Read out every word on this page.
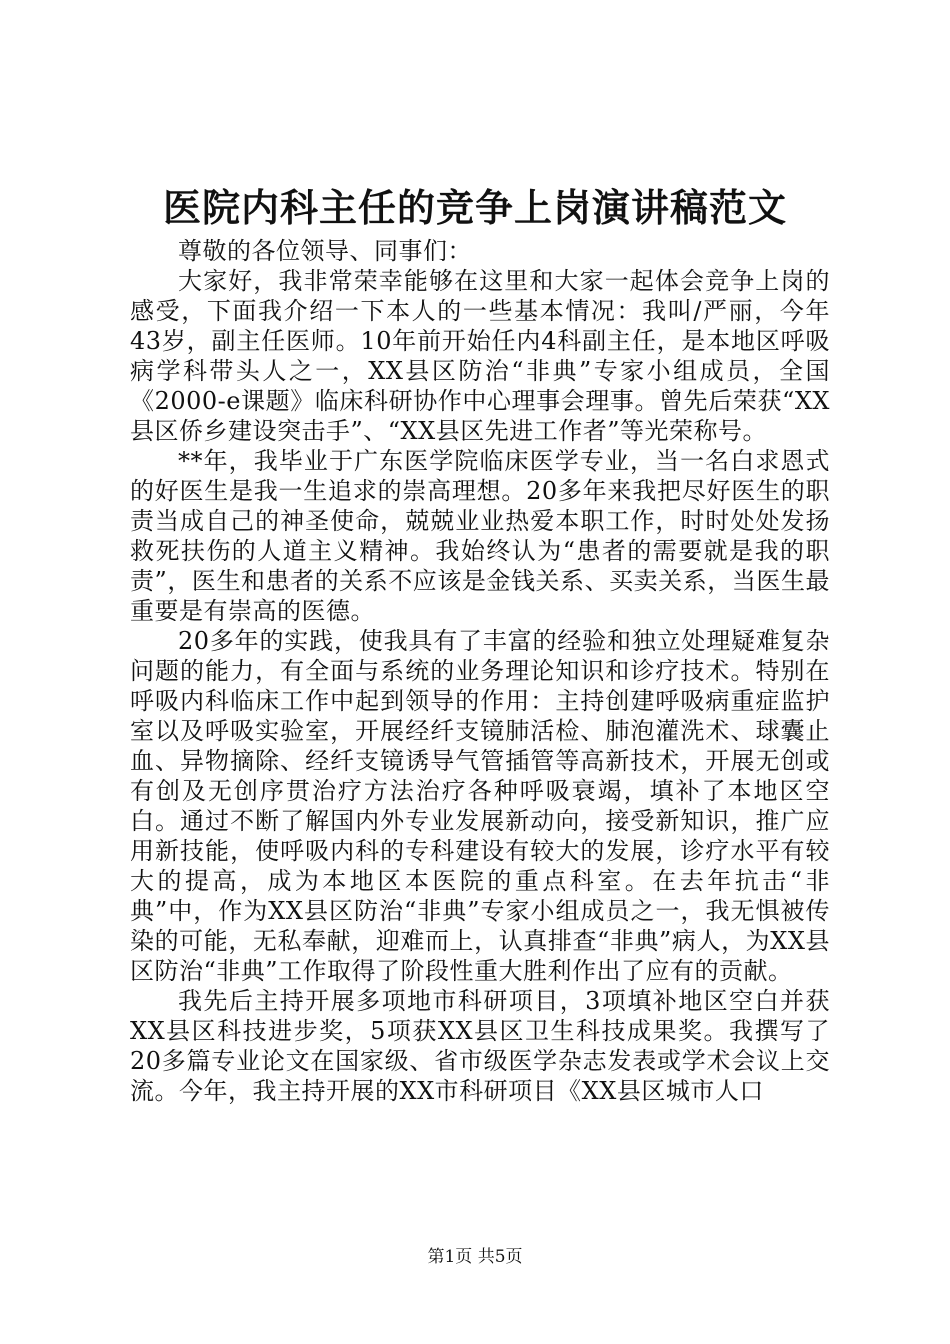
医院内科主任的竞争上岗演讲稿范文

尊敬的各位领导、同事们：

大家好，我非常荣幸能够在这里和大家一起体会竞争上岗的感受，下面我介绍一下本人的一些基本情况：我叫/严丽，今年43岁，副主任医师。10年前开始任内4科副主任，是本地区呼吸病学科带头人之一，XX县区防治“非典”专家小组成员，全国《2000-e课题》临床科研协作中心理事会理事。曾先后荣获“XX县区侨乡建设突击手”、“XX县区先进工作者”等光荣称号。

**年，我毕业于广东医学院临床医学专业，当一名白求恩式的好医生是我一生追求的崇高理想。20多年来我把尽好医生的职责当成自己的神圣使命，兢兢业业热爱本职工作，时时处处发扬救死扶伤的人道主义精神。我始终认为“患者的需要就是我的职责”，医生和患者的关系不应该是金钱关系、买卖关系，当医生最重要是有崇高的医德。

20多年的实践，使我具有了丰富的经验和独立处理疑难复杂问题的能力，有全面与系统的业务理论知识和诊疗技术。特别在呼吸内科临床工作中起到领导的作用：主持创建呼吸病重症监护室以及呼吸实验室，开展经纤支镜肺活检、肺泡灌洗术、球囊止血、异物摘除、经纤支镜诱导气管插管等高新技术，开展无创或有创及无创序贯治疗方法治疗各种呼吸衰竭，填补了本地区空白。通过不断了解国内外专业发展新动向，接受新知识，推广应用新技能，使呼吸内科的专科建设有较大的发展，诊疗水平有较大的提高，成为本地区本医院的重点科室。在去年抗击“非典”中，作为XX县区防治“非典”专家小组成员之一，我无惧被传染的可能，无私奉献，迎难而上，认真排查“非典”病人，为XX县区防治“非典”工作取得了阶段性重大胜利作出了应有的贡献。

我先后主持开展多项地市科研项目，3项填补地区空白并获XX县区科技进步奖，5项获XX县区卫生科技成果奖。我撰写了20多篇专业论文在国家级、省市级医学杂志发表或学术会议上交流。今年，我主持开展的XX市科研项目《XX县区城市人口

第1页 共5页
